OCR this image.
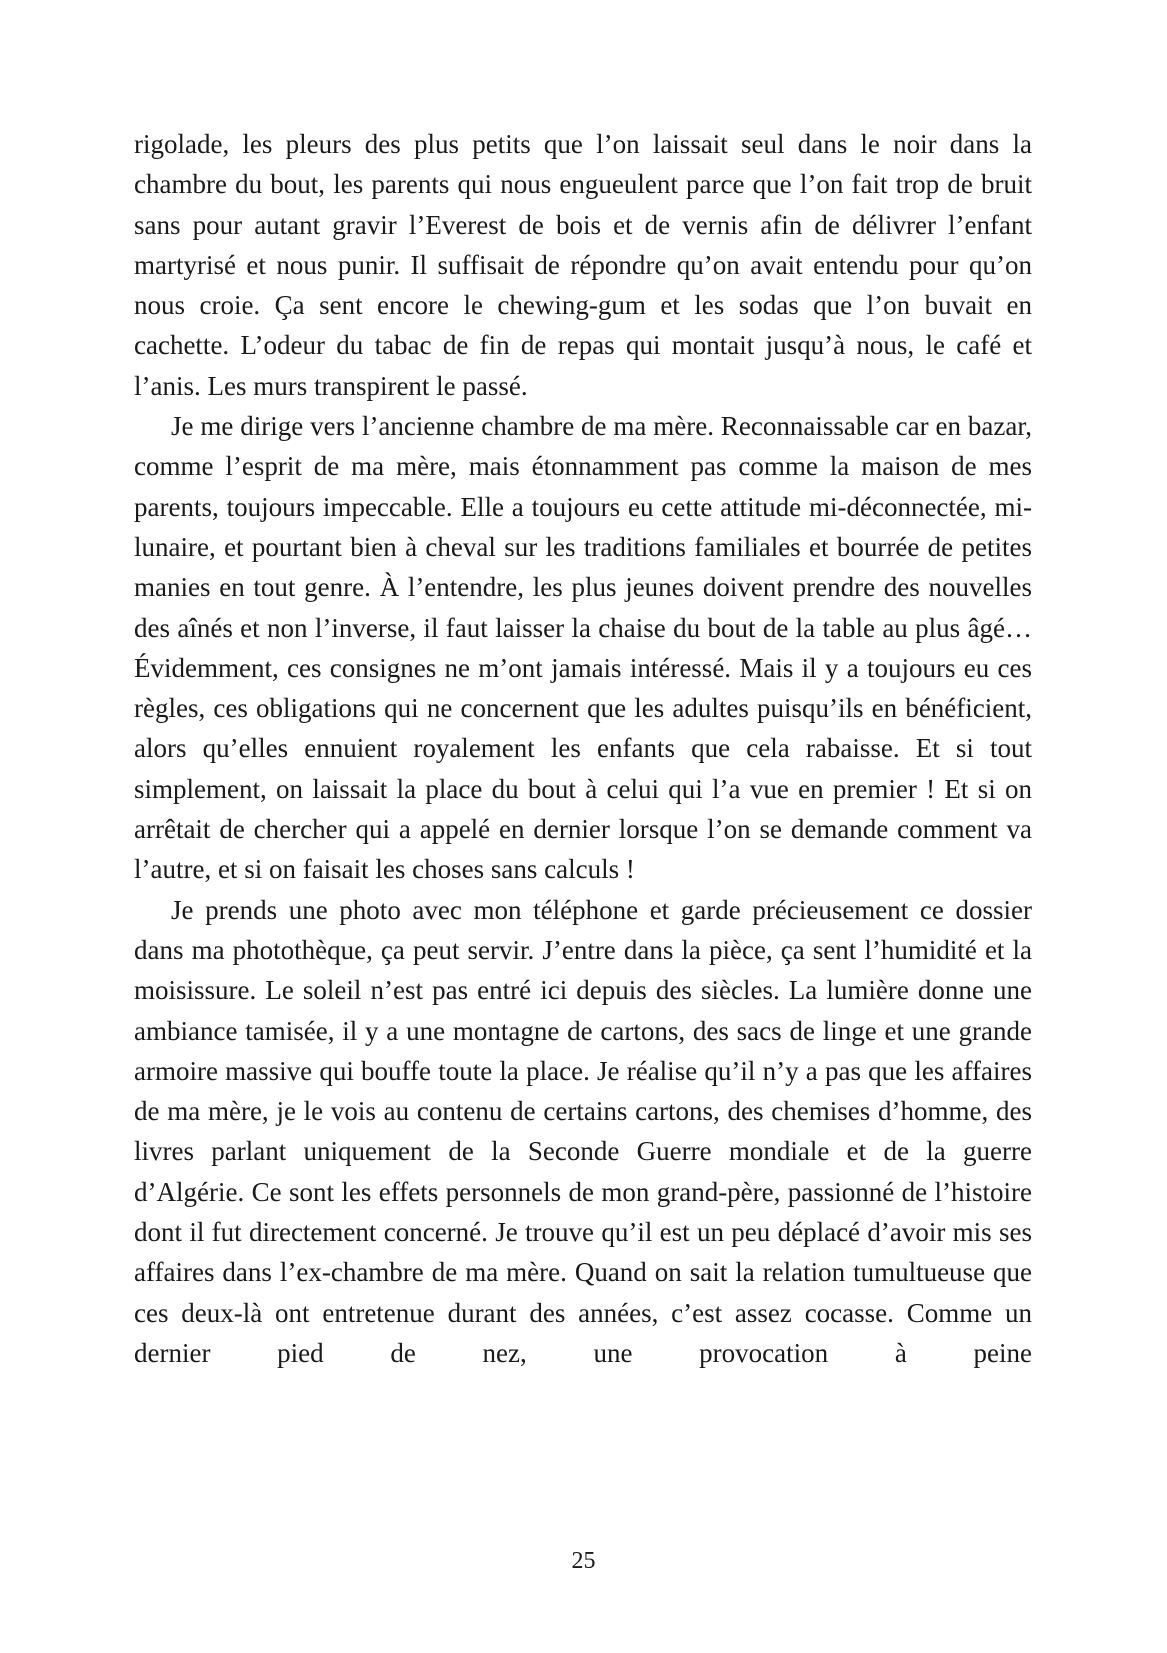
rigolade, les pleurs des plus petits que l’on laissait seul dans le noir dans la chambre du bout, les parents qui nous engueulent parce que l’on fait trop de bruit sans pour autant gravir l’Everest de bois et de vernis afin de délivrer l’enfant martyrisé et nous punir. Il suffisait de répondre qu’on avait entendu pour qu’on nous croie. Ça sent encore le chewing-gum et les sodas que l’on buvait en cachette. L’odeur du tabac de fin de repas qui montait jusqu’à nous, le café et l’anis. Les murs transpirent le passé.

Je me dirige vers l’ancienne chambre de ma mère. Reconnaissable car en bazar, comme l’esprit de ma mère, mais étonnamment pas comme la maison de mes parents, toujours impeccable. Elle a toujours eu cette attitude mi-déconnectée, mi-lunaire, et pourtant bien à cheval sur les traditions familiales et bourrée de petites manies en tout genre. À l’entendre, les plus jeunes doivent prendre des nouvelles des aînés et non l’inverse, il faut laisser la chaise du bout de la table au plus âgé… Évidemment, ces consignes ne m’ont jamais intéressé. Mais il y a toujours eu ces règles, ces obligations qui ne concernent que les adultes puisqu’ils en bénéficient, alors qu’elles ennuient royalement les enfants que cela rabaisse. Et si tout simplement, on laissait la place du bout à celui qui l’a vue en premier ! Et si on arrêtait de chercher qui a appelé en dernier lorsque l’on se demande comment va l’autre, et si on faisait les choses sans calculs !

Je prends une photo avec mon téléphone et garde précieusement ce dossier dans ma photothèque, ça peut servir. J’entre dans la pièce, ça sent l’humidité et la moisissure. Le soleil n’est pas entré ici depuis des siècles. La lumière donne une ambiance tamisée, il y a une montagne de cartons, des sacs de linge et une grande armoire massive qui bouffe toute la place. Je réalise qu’il n’y a pas que les affaires de ma mère, je le vois au contenu de certains cartons, des chemises d’homme, des livres parlant uniquement de la Seconde Guerre mondiale et de la guerre d’Algérie. Ce sont les effets personnels de mon grand-père, passionné de l’histoire dont il fut directement concerné. Je trouve qu’il est un peu déplacé d’avoir mis ses affaires dans l’ex-chambre de ma mère. Quand on sait la relation tumultueuse que ces deux-là ont entretenue durant des années, c’est assez cocasse. Comme un dernier pied de nez, une provocation à peine

25
